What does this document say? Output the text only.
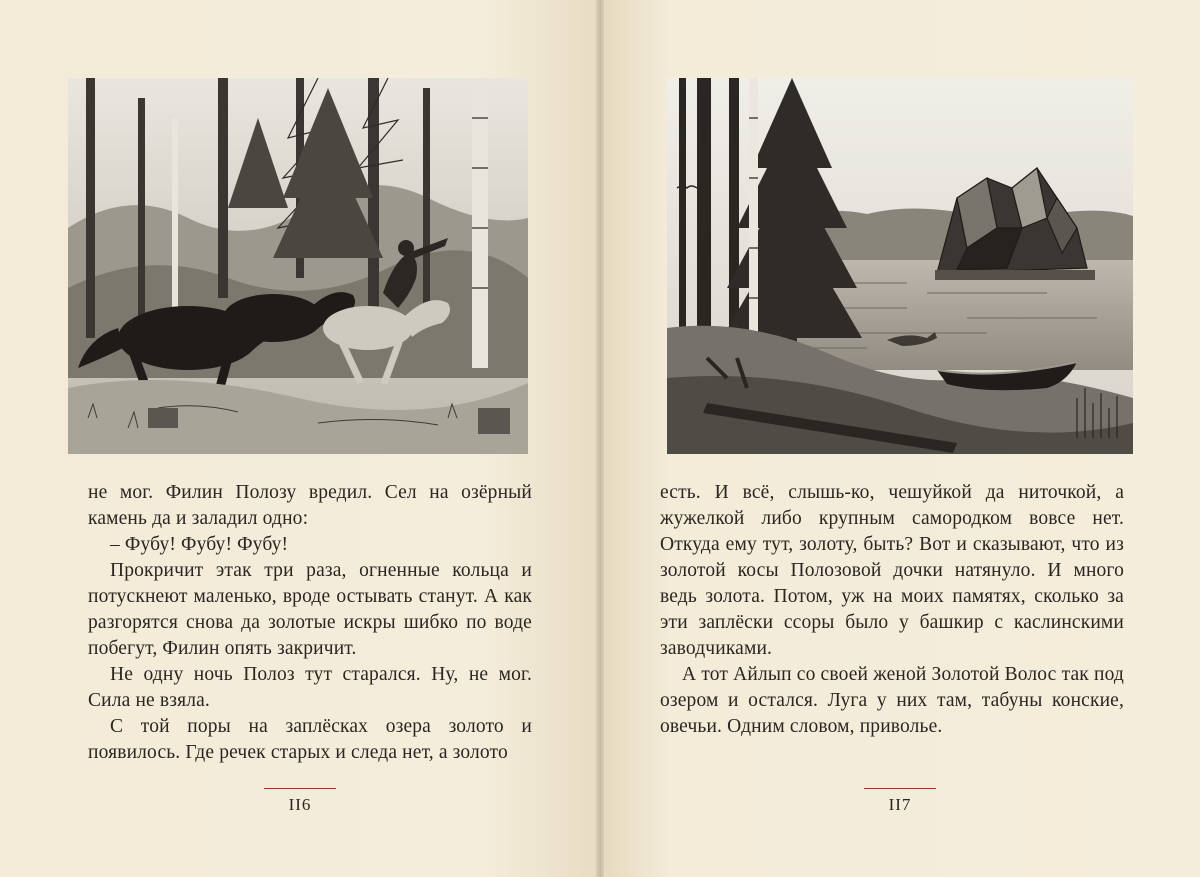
не мог. Филин Полозу вредил. Сел на озёрный камень да и заладил одно:

– Фубу! Фубу! Фубу!

Прокричит этак три раза, огненные кольца и потускнеют маленько, вроде остывать станут. А как разгорятся снова да золотые искры шибко по воде побегут, Филин опять закричит.

Не одну ночь Полоз тут старался. Ну, не мог. Сила не взяла.

С той поры на заплёсках озера золото и появилось. Где речек старых и следа нет, а золото

II6

есть. И всё, слышь-ко, чешуйкой да ниточкой, а жужелкой либо крупным самородком вовсе нет. Откуда ему тут, золоту, быть? Вот и сказывают, что из золотой косы Полозовой дочки натянуло. И много ведь золота. Потом, уж на моих памятях, сколько за эти заплёски ссоры было у башкир с каслинскими заводчиками.

А тот Айлып со своей женой Золотой Волос так под озером и остался. Луга у них там, табуны конские, овечьи. Одним словом, приволье.

II7
